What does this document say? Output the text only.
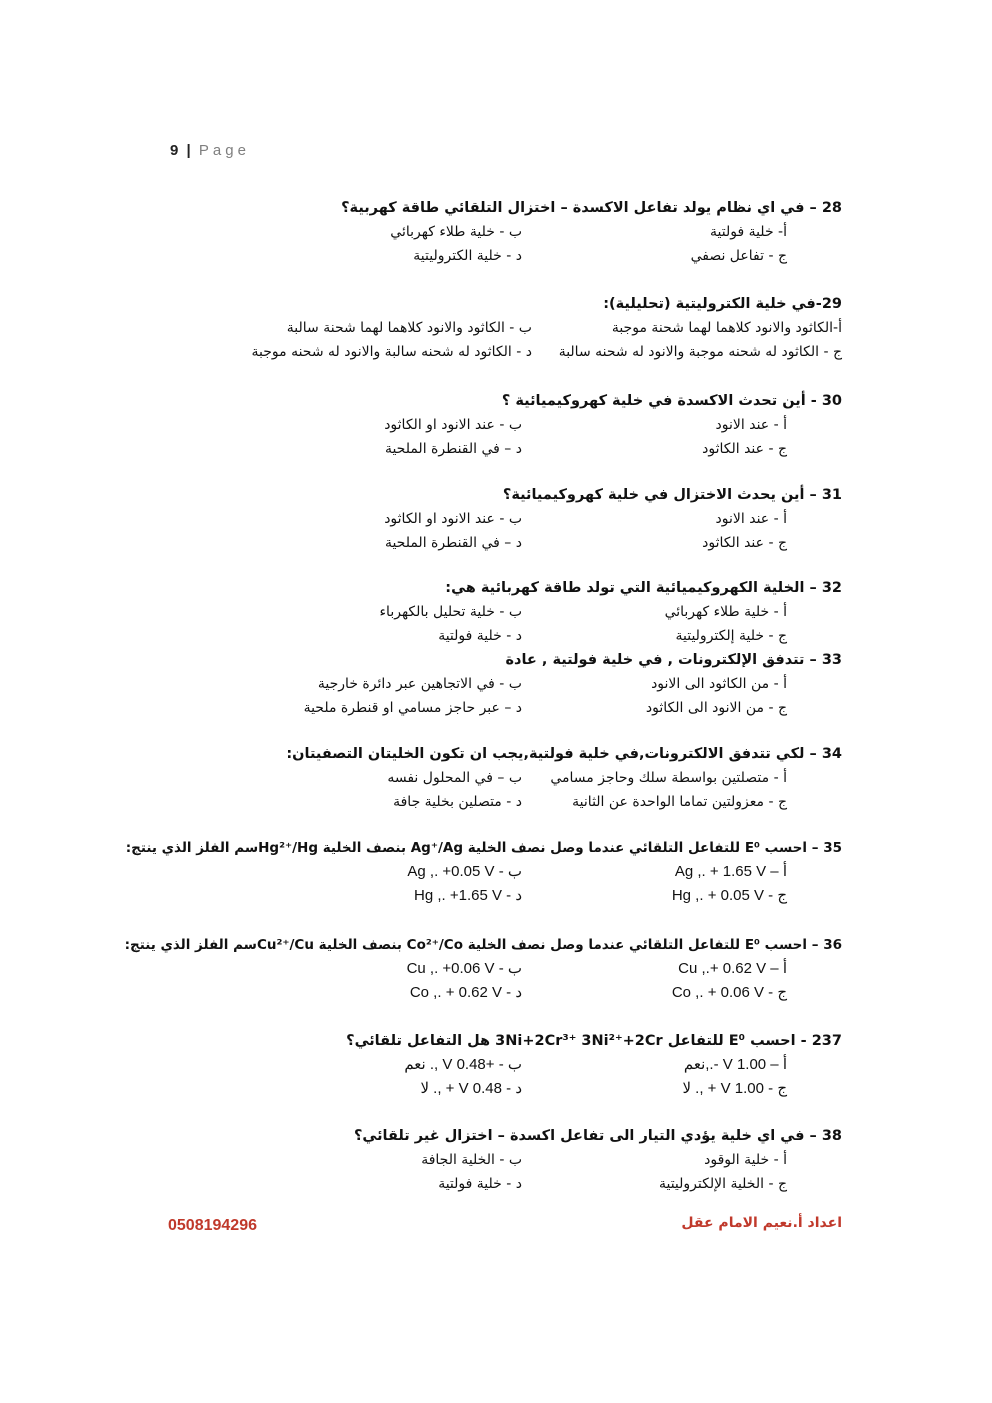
9 | Page
28 – في اي نظام يولد تفاعل الاكسدة – اختزال التلقائي طاقة كهربية؟
أ- خلية فولتية
ب - خلية طلاء كهربائي
ج - تفاعل نصفي
د - خلية الكتروليتية
29-في خلية الكتروليتية (تحليلية):
أ-الكاثود والانود كلاهما لهما شحنة موجبة
ب - الكاثود والانود كلاهما لهما شحنة سالبة
ج - الكاثود له شحنه موجبة والانود له شحنه سالبة
د - الكاثود له شحنه سالبة والانود له شحنه موجبة
30 - أين تحدث الاكسدة في خلية كهروكيميائية ؟
أ - عند الانود
ب - عند الانود او الكاثود
ج - عند الكاثود
د – في القنطرة الملحية
31 – أين يحدث الاختزال في خلية كهروكيميائية؟
أ - عند الانود
ب - عند الانود او الكاثود
ج - عند الكاثود
د – في القنطرة الملحية
32 – الخلية الكهروكيميائية التي تولد طاقة كهربائية هي:
أ - خلية طلاء كهربائي
ب - خلية تحليل بالكهرباء
ج - خلية إلكتروليتية
د - خلية فولتية
33 – تتدفق الإلكترونات , في خلية فولتية , عادة
أ - من الكاثود الى الانود
ب - في الاتجاهين عبر دائرة خارجية
ج - من الانود الى الكاثود
د – عبر حاجز مسامي او قنطرة ملحية
34 – لكي تتدفق الالكترونات,في خلية فولتية,يجب ان تكون الخليتان التصفيتان:
أ - متصلتين بواسطة سلك وحاجز مسامي
ب – في المحلول نفسه
ج - معزولتين تماما الواحدة عن الثانية
د - متصلين بخلية جافة
35 – احسب E⁰ للتفاعل التلقائي عندما وصل نصف الخلية Ag⁺/Ag بنصف الخلية Hg²⁺/Hgسم الفلز الذي ينتج:
أ – Ag ,. + 1.65 V
ب - Ag ,. +0.05 V
ج - Hg ,. + 0.05 V
د - Hg ,. +1.65 V
36 – احسب E⁰ للتفاعل التلقائي عندما وصل نصف الخلية Co²⁺/Co بنصف الخلية Cu²⁺/Cuسم الفلز الذي ينتج:
أ – Cu ,.+ 0.62 V
ب - Cu ,. +0.06 V
ج - Co ,. + 0.06 V
د - Co ,. + 0.62 V
237 - احسب E⁰ للتفاعل 3Ni+2Cr³⁺ 3Ni²⁺+2Cr هل التفاعل تلقائي؟
أ – 1.00 V -.,نعم
ب - +0.48 V ,. نعم
ج - 1.00 V + ,. لا
د - 0.48 V + ,. لا
38 – في اي خلية يؤدي التيار الى تفاعل اكسدة – اختزال غير تلقائي؟
أ - خلية الوقود
ب - الخلية الجافة
ج - الخلية الإلكتروليتية
د - خلية فولتية
0508194296	اعداد أ.نعيم الامام عقل
